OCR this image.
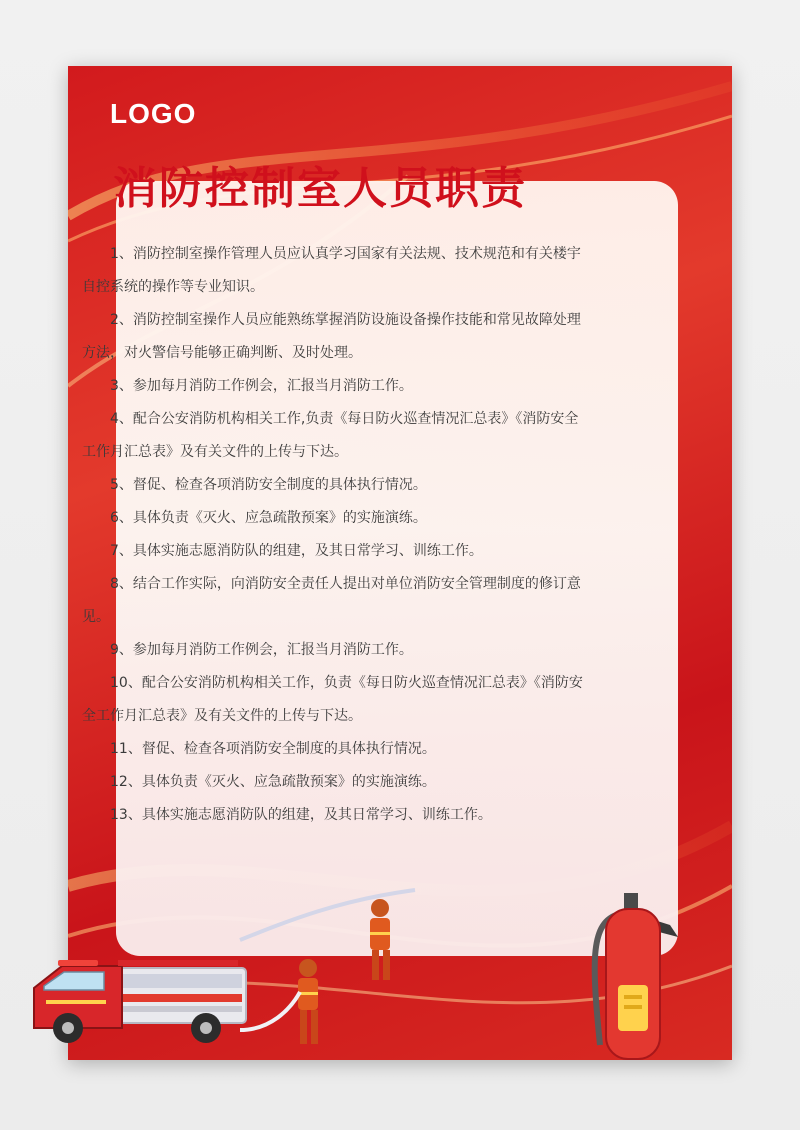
LOGO
消防控制室人员职责

1、消防控制室操作管理人员应认真学习国家有关法规、技术规范和有关楼宇自控系统的操作等专业知识。

2、消防控制室操作人员应能熟练掌握消防设施设备操作技能和常见故障处理方法，对火警信号能够正确判断、及时处理。

3、参加每月消防工作例会，汇报当月消防工作。

4、配合公安消防机构相关工作,负责《每日防火巡查情况汇总表》《消防安全工作月汇总表》及有关文件的上传与下达。

5、督促、检查各项消防安全制度的具体执行情况。

6、具体负责《灭火、应急疏散预案》的实施演练。

7、具体实施志愿消防队的组建，及其日常学习、训练工作。

8、结合工作实际，向消防安全责任人提出对单位消防安全管理制度的修订意见。

9、参加每月消防工作例会，汇报当月消防工作。

10、配合公安消防机构相关工作，负责《每日防火巡查情况汇总表》《消防安全工作月汇总表》及有关文件的上传与下达。

11、督促、检查各项消防安全制度的具体执行情况。

12、具体负责《灭火、应急疏散预案》的实施演练。

13、具体实施志愿消防队的组建，及其日常学习、训练工作。
